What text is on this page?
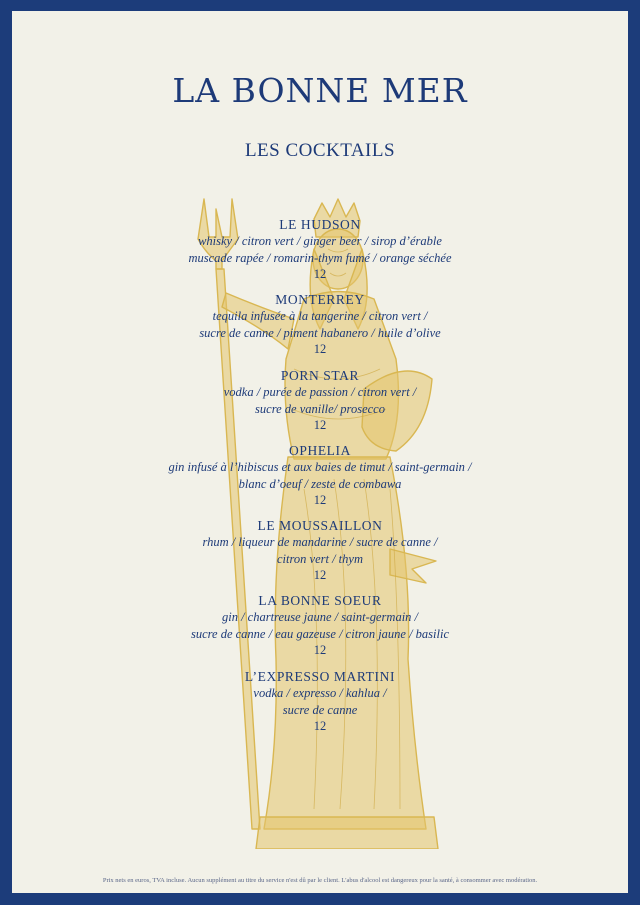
LA BONNE MER
LES COCKTAILS
LE HUDSON
whisky / citron vert / ginger beer / sirop d’érable
muscade rapée / romarin-thym fumé / orange séchée
12
MONTERREY
tequila infusée à la tangerine / citron vert /
sucre de canne / piment habanero / huile d’olive
12
PORN STAR
vodka / purée de passion / citron vert /
sucre de vanille/ prosecco
12
OPHELIA
gin infusé à l’hibiscus et aux baies de timut / saint-germain /
blanc d’oeuf / zeste de combawa
12
LE MOUSSAILLON
rhum / liqueur de mandarine / sucre de canne /
citron vert / thym
12
LA BONNE SOEUR
gin / chartreuse jaune / saint-germain /
sucre de canne / eau gazeuse / citron jaune / basilic
12
L’EXPRESSO MARTINI
vodka / expresso / kahlua /
sucre de canne
12
Prix nets en euros, TVA incluse. Aucun supplément au titre du service n'est dû par le client. L'abus d'alcool est dangereux pour la santé, à consommer avec modération.
